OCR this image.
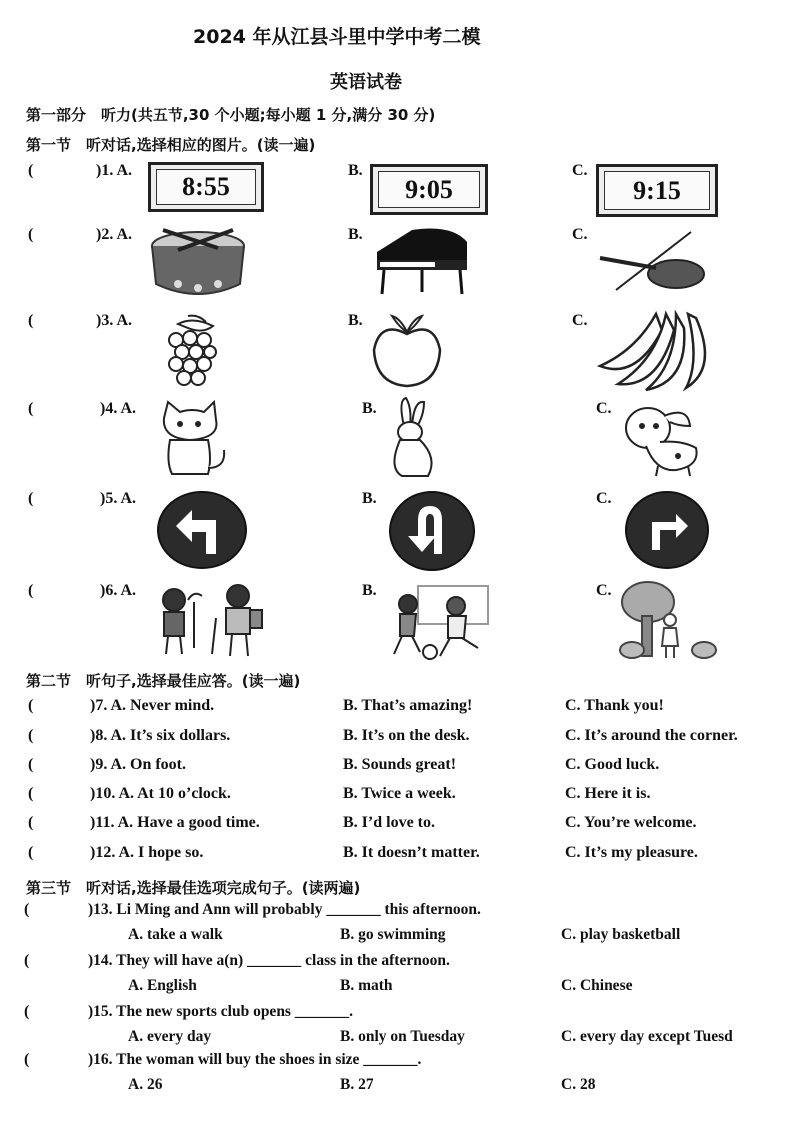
2024 年从江县斗里中学中考二模
英语试卷
第一部分　听力(共五节,30 个小题;每小题 1 分,满分 30 分)
第一节　听对话,选择相应的图片。(读一遍)
(	)1. A.
8:55
B.
9:05
C.
9:15
(	)2. A.	B.	C.
(	)3. A.	B.	C.
(	)4. A.	B.	C.
(	)5. A.	B.	C.
(	)6. A.	B.	C.
第二节　听句子,选择最佳应答。(读一遍)
(	)7. A. Never mind.	B. That’s amazing!	C. Thank you!
(	)8. A. It’s six dollars.	B. It’s on the desk.	C. It’s around the corner.
(	)9. A. On foot.	B. Sounds great!	C. Good luck.
(	)10. A. At 10 o’clock.	B. Twice a week.	C. Here it is.
(	)11. A. Have a good time.	B. I’d love to.	C. You’re welcome.
(	)12. A. I hope so.	B. It doesn’t matter.	C. It’s my pleasure.
第三节　听对话,选择最佳选项完成句子。(读两遍)
(	)13. Li Ming and Ann will probably _______ this afternoon.
A. take a walk	B. go swimming	C. play basketball
(	)14. They will have a(n) _______ class in the afternoon.
A. English	B. math	C. Chinese
(	)15. The new sports club opens _______.
A. every day	B. only on Tuesday	C. every day except Tuesd
(	)16. The woman will buy the shoes in size _______.
A. 26	B. 27	C. 28
